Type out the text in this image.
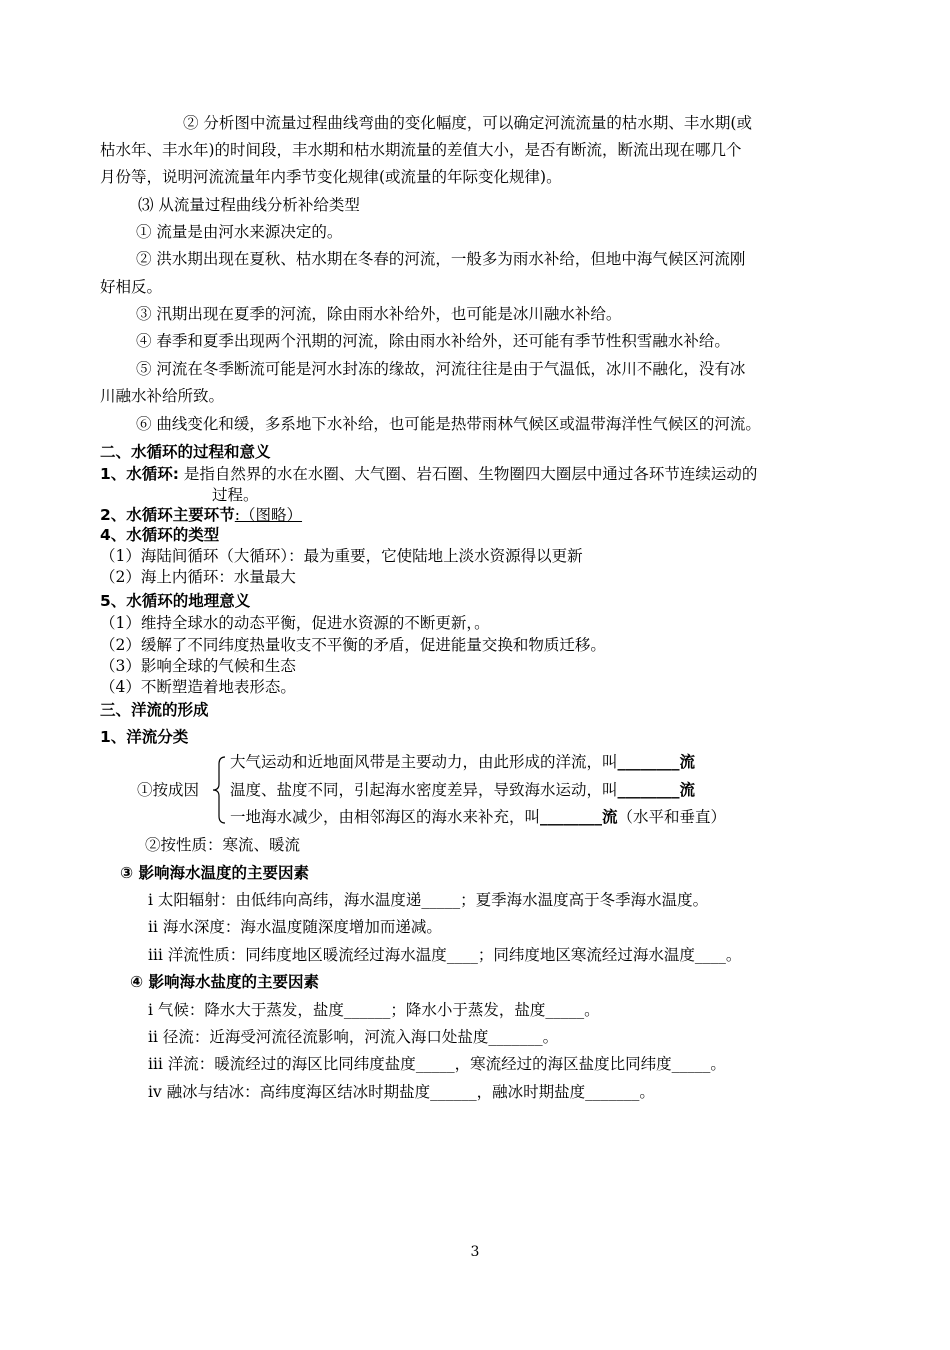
② 分析图中流量过程曲线弯曲的变化幅度，可以确定河流流量的枯水期、丰水期(或
枯水年、丰水年)的时间段，丰水期和枯水期流量的差值大小，是否有断流，断流出现在哪几个
月份等，说明河流流量年内季节变化规律(或流量的年际变化规律)。
⑶ 从流量过程曲线分析补给类型
① 流量是由河水来源决定的。
② 洪水期出现在夏秋、枯水期在冬春的河流，一般多为雨水补给，但地中海气候区河流刚
好相反。
③ 汛期出现在夏季的河流，除由雨水补给外，也可能是冰川融水补给。
④ 春季和夏季出现两个汛期的河流，除由雨水补给外，还可能有季节性积雪融水补给。
⑤ 河流在冬季断流可能是河水封冻的缘故，河流往往是由于气温低，冰川不融化，没有冰
川融水补给所致。
⑥ 曲线变化和缓，多系地下水补给，也可能是热带雨林气候区或温带海洋性气候区的河流。
二、水循环的过程和意义
1、水循环: 是指自然界的水在水圈、大气圈、岩石圈、生物圈四大圈层中通过各环节连续运动的
过程。
2、水循环主要环节:（图略）
4、水循环的类型
（1）海陆间循环（大循环）：最为重要，它使陆地上淡水资源得以更新
（2）海上内循环：水量最大
5、水循环的地理意义
（1）维持全球水的动态平衡，促进水资源的不断更新，。
（2）缓解了不同纬度热量收支不平衡的矛盾，促进能量交换和物质迁移。
（3）影响全球的气候和生态
（4）不断塑造着地表形态。
三、洋流的形成
1、洋流分类
①按成因
大气运动和近地面风带是主要动力，由此形成的洋流，叫________流
温度、盐度不同，引起海水密度差异，导致海水运动，叫________流
一地海水减少，由相邻海区的海水来补充，叫________流（水平和垂直）
②按性质：寒流、暖流
③ 影响海水温度的主要因素
ⅰ 太阳辐射：由低纬向高纬，海水温度递_____；夏季海水温度高于冬季海水温度。
ⅱ 海水深度：海水温度随深度增加而递减。
ⅲ 洋流性质：同纬度地区暖流经过海水温度____；同纬度地区寒流经过海水温度____。
④ 影响海水盐度的主要因素
ⅰ 气候：降水大于蒸发，盐度______；降水小于蒸发，盐度_____。
ⅱ 径流：近海受河流径流影响，河流入海口处盐度_______。
ⅲ 洋流：暖流经过的海区比同纬度盐度_____，寒流经过的海区盐度比同纬度_____。
ⅳ 融冰与结冰：高纬度海区结冰时期盐度______，融冰时期盐度_______。
3
